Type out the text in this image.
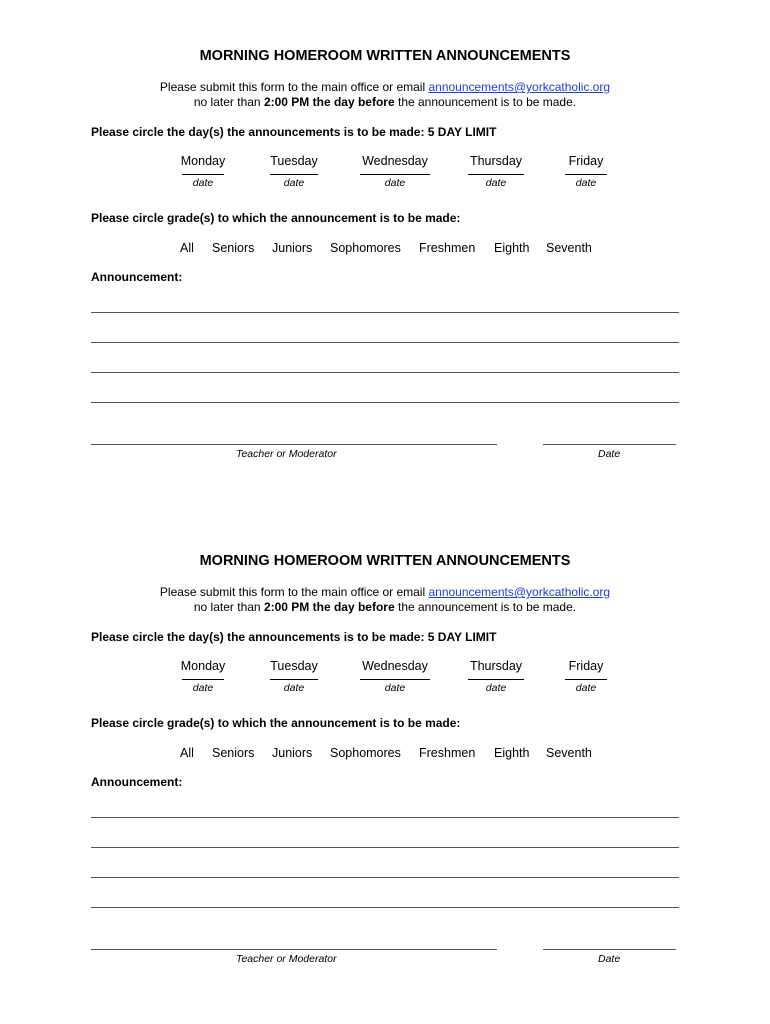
MORNING HOMEROOM WRITTEN ANNOUNCEMENTS
Please submit this form to the main office or email announcements@yorkcatholic.org
no later than 2:00 PM the day before the announcement is to be made.
Please circle the day(s) the announcements is to be made: 5 DAY LIMIT
Monday
date
Tuesday
date
Wednesday
date
Thursday
date
Friday
date
Please circle grade(s) to which the announcement is to be made:
All Seniors Juniors Sophomores Freshmen Eighth Seventh
Announcement:
Teacher or Moderator	Date
MORNING HOMEROOM WRITTEN ANNOUNCEMENTS
Please submit this form to the main office or email announcements@yorkcatholic.org
no later than 2:00 PM the day before the announcement is to be made.
Please circle the day(s) the announcements is to be made: 5 DAY LIMIT
Monday
date
Tuesday
date
Wednesday
date
Thursday
date
Friday
date
Please circle grade(s) to which the announcement is to be made:
All Seniors Juniors Sophomores Freshmen Eighth Seventh
Announcement:
Teacher or Moderator	Date
